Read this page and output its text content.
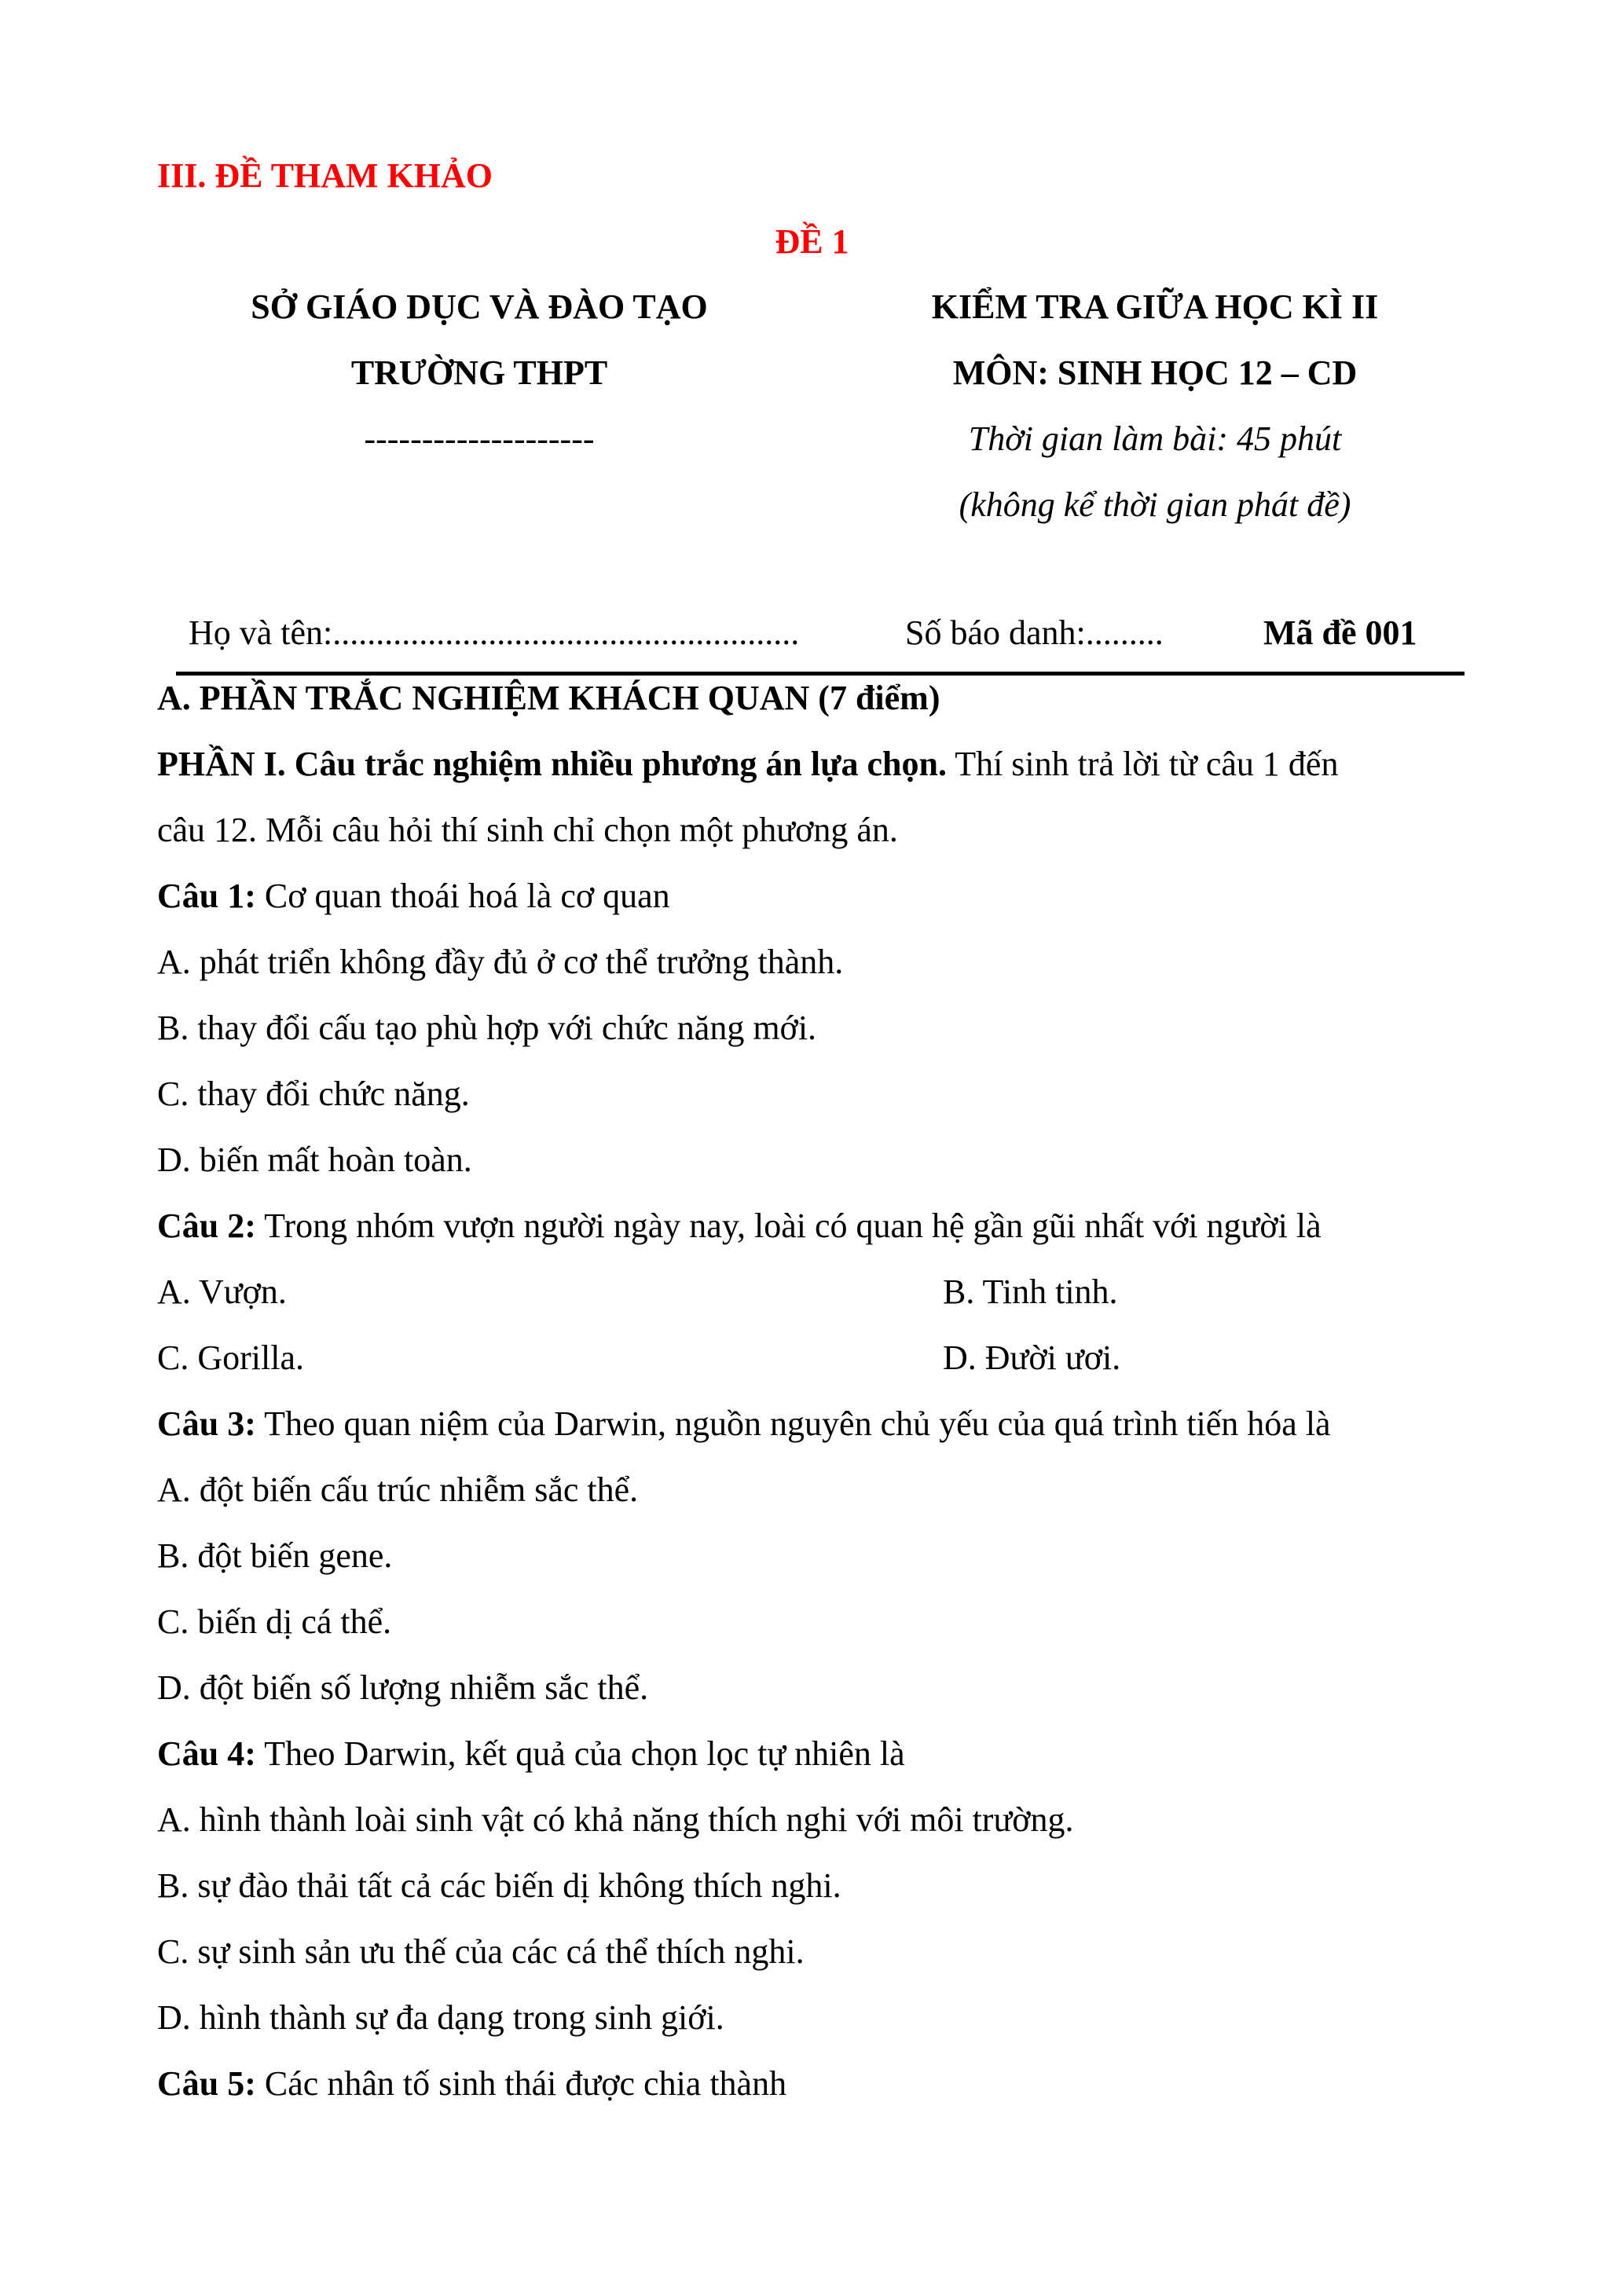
III. ĐỀ THAM KHẢO
ĐỀ 1
SỞ GIÁO DỤC VÀ ĐÀO TẠO
TRƯỜNG THPT
--------------------
KIỂM TRA GIỮA HỌC KÌ II
MÔN: SINH HỌC 12 – CD
Thời gian làm bài: 45 phút
(không kể thời gian phát đề)
Họ và tên:......................................................	Số báo danh:.........	Mã đề 001
A. PHẦN TRẮC NGHIỆM KHÁCH QUAN (7 điểm)
PHẦN I. Câu trắc nghiệm nhiều phương án lựa chọn. Thí sinh trả lời từ câu 1 đến
câu 12. Mỗi câu hỏi thí sinh chỉ chọn một phương án.
Câu 1: Cơ quan thoái hoá là cơ quan
A. phát triển không đầy đủ ở cơ thể trưởng thành.
B. thay đổi cấu tạo phù hợp với chức năng mới.
C. thay đổi chức năng.
D. biến mất hoàn toàn.
Câu 2: Trong nhóm vượn người ngày nay, loài có quan hệ gần gũi nhất với người là
A. Vượn.	B. Tinh tinh.
C. Gorilla.	D. Đười ươi.
Câu 3: Theo quan niệm của Darwin, nguồn nguyên chủ yếu của quá trình tiến hóa là
A. đột biến cấu trúc nhiễm sắc thể.
B. đột biến gene.
C. biến dị cá thể.
D. đột biến số lượng nhiễm sắc thể.
Câu 4: Theo Darwin, kết quả của chọn lọc tự nhiên là
A. hình thành loài sinh vật có khả năng thích nghi với môi trường.
B. sự đào thải tất cả các biến dị không thích nghi.
C. sự sinh sản ưu thế của các cá thể thích nghi.
D. hình thành sự đa dạng trong sinh giới.
Câu 5: Các nhân tố sinh thái được chia thành
